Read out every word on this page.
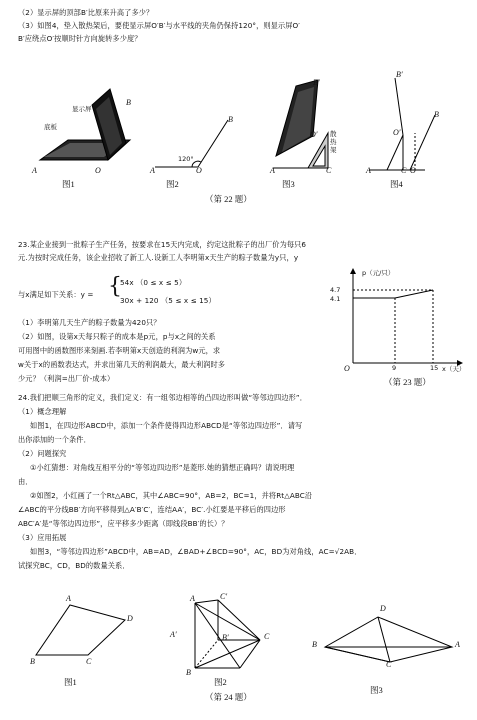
（2）显示屏的顶部B′比原来升高了多少？
（3）如图4，垫入散热架后，要使显示屏O′B′与水平线的夹角仍保持120°，则显示屏O′
B′应绕点O′按顺时针方向旋转多少度？
显示屏
底板
A	O
B
图1
A	O
B
120°
图2
B′
O′
A	C
散热架
图3
B′
B
O′
A	C O
图4
（第 22 题）
23.某企业接到一批粽子生产任务，按要求在15天内完成，约定这批粽子的出厂价为每只6
元.为按时完成任务，该企业招收了新工人.设新工人李明第x天生产的粽子数量为y只，y
与x满足如下关系：y = {
54x （0 ≤ x ≤ 5）
30x + 120 （5 ≤ x ≤ 15）
（1）李明第几天生产的粽子数量为420只？
（2）如图，设第x天每只粽子的成本是p元，p与x之间的关系
可用图中的函数图形来刻画.若李明第x天创造的利润为w元，求
w关于x的函数表达式，并求出第几天的利润最大，最大利润时多
少元？（利润=出厂价-成本）
p（元/只）
4.7
4.1
9	15 x（天）
O
（第 23 题）
24.我们把顺三角形的定义，我们定义：有一组邻边相等的凸四边形叫做“等邻边四边形”．
（1）概念理解
如图1，在四边形ABCD中，添加一个条件使得四边形ABCD是“等邻边四边形”．请写
出你添加的一个条件．
（2）问题探究
①小红猜想：对角线互相平分的“等邻边四边形”是菱形.她的猜想正确吗？请说明理
由．
②如图2，小红画了一个Rt△ABC，其中∠ABC=90°，AB=2，BC=1，并将Rt△ABC沿
∠ABC的平分线BB′方向平移得到△A′B′C′，连结AA′，BC′.小红要是平移后的四边形
ABC′A′是“等邻边四边形”，应平移多少距离（即线段BB′的长）？
（3）应用拓展
如图3，“等邻边四边形”ABCD中，AB=AD，∠BAD+∠BCD=90°，AC，BD为对角线，AC=√2AB．
试探究BC，CD，BD的数量关系．
A
D
B	C
图1
C′
A
A′	B′	C
B
图2
D
B	A
C
图3
（第 24 题）
